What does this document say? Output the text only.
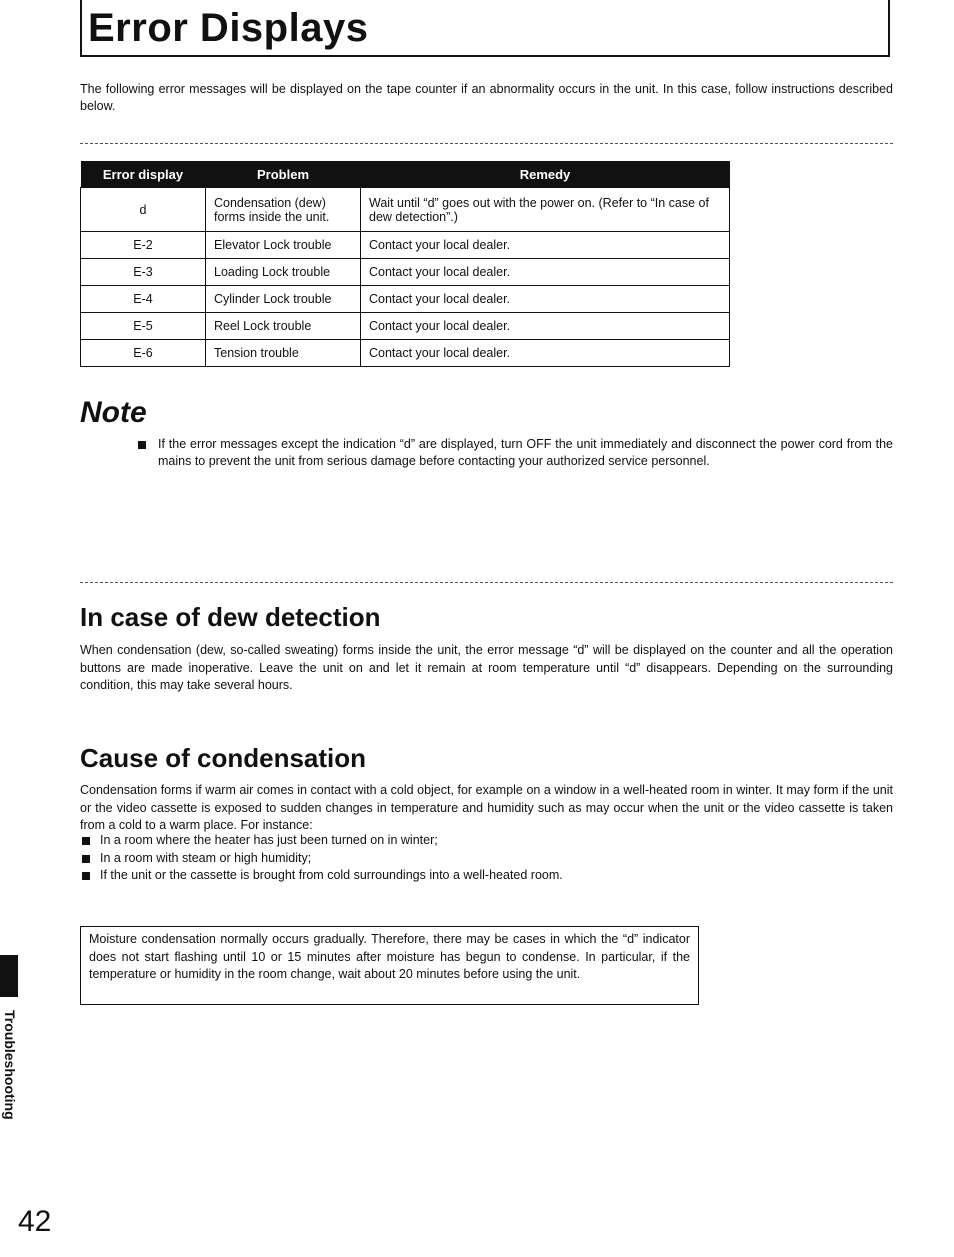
Error Displays
The following error messages will be displayed on the tape counter if an abnormality occurs in the unit. In this case, follow instructions described below.
Error display	Problem	Remedy
d	Condensation (dew) forms inside the unit.	Wait until “d” goes out with the power on. (Refer to “In case of dew detection”.)
E-2	Elevator Lock trouble	Contact your local dealer.
E-3	Loading Lock trouble	Contact your local dealer.
E-4	Cylinder Lock trouble	Contact your local dealer.
E-5	Reel Lock trouble	Contact your local dealer.
E-6	Tension trouble	Contact your local dealer.
Note

If the error messages except the indication “d” are displayed, turn OFF the unit immediately and disconnect the power cord from the mains to prevent the unit from serious damage before contacting your authorized service personnel.

In case of dew detection

When condensation (dew, so-called sweating) forms inside the unit, the error message “d” will be displayed on the counter and all the operation buttons are made inoperative. Leave the unit on and let it remain at room temperature until “d” disappears. Depending on the surrounding condition, this may take several hours.

Cause of condensation

Condensation forms if warm air comes in contact with a cold object, for example on a window in a well-heated room in winter. It may form if the unit or the video cassette is exposed to sudden changes in temperature and humidity such as may occur when the unit or the video cassette is taken from a cold to a warm place. For instance:

In a room where the heater has just been turned on in winter;
In a room with steam or high humidity;
If the unit or the cassette is brought from cold surroundings into a well-heated room.
Moisture condensation normally occurs gradually. Therefore, there may be cases in which the “d” indicator does not start flashing until 10 or 15 minutes after moisture has begun to condense. In particular, if the temperature or humidity in the room change, wait about 20 minutes before using the unit.
Troubleshooting
42
